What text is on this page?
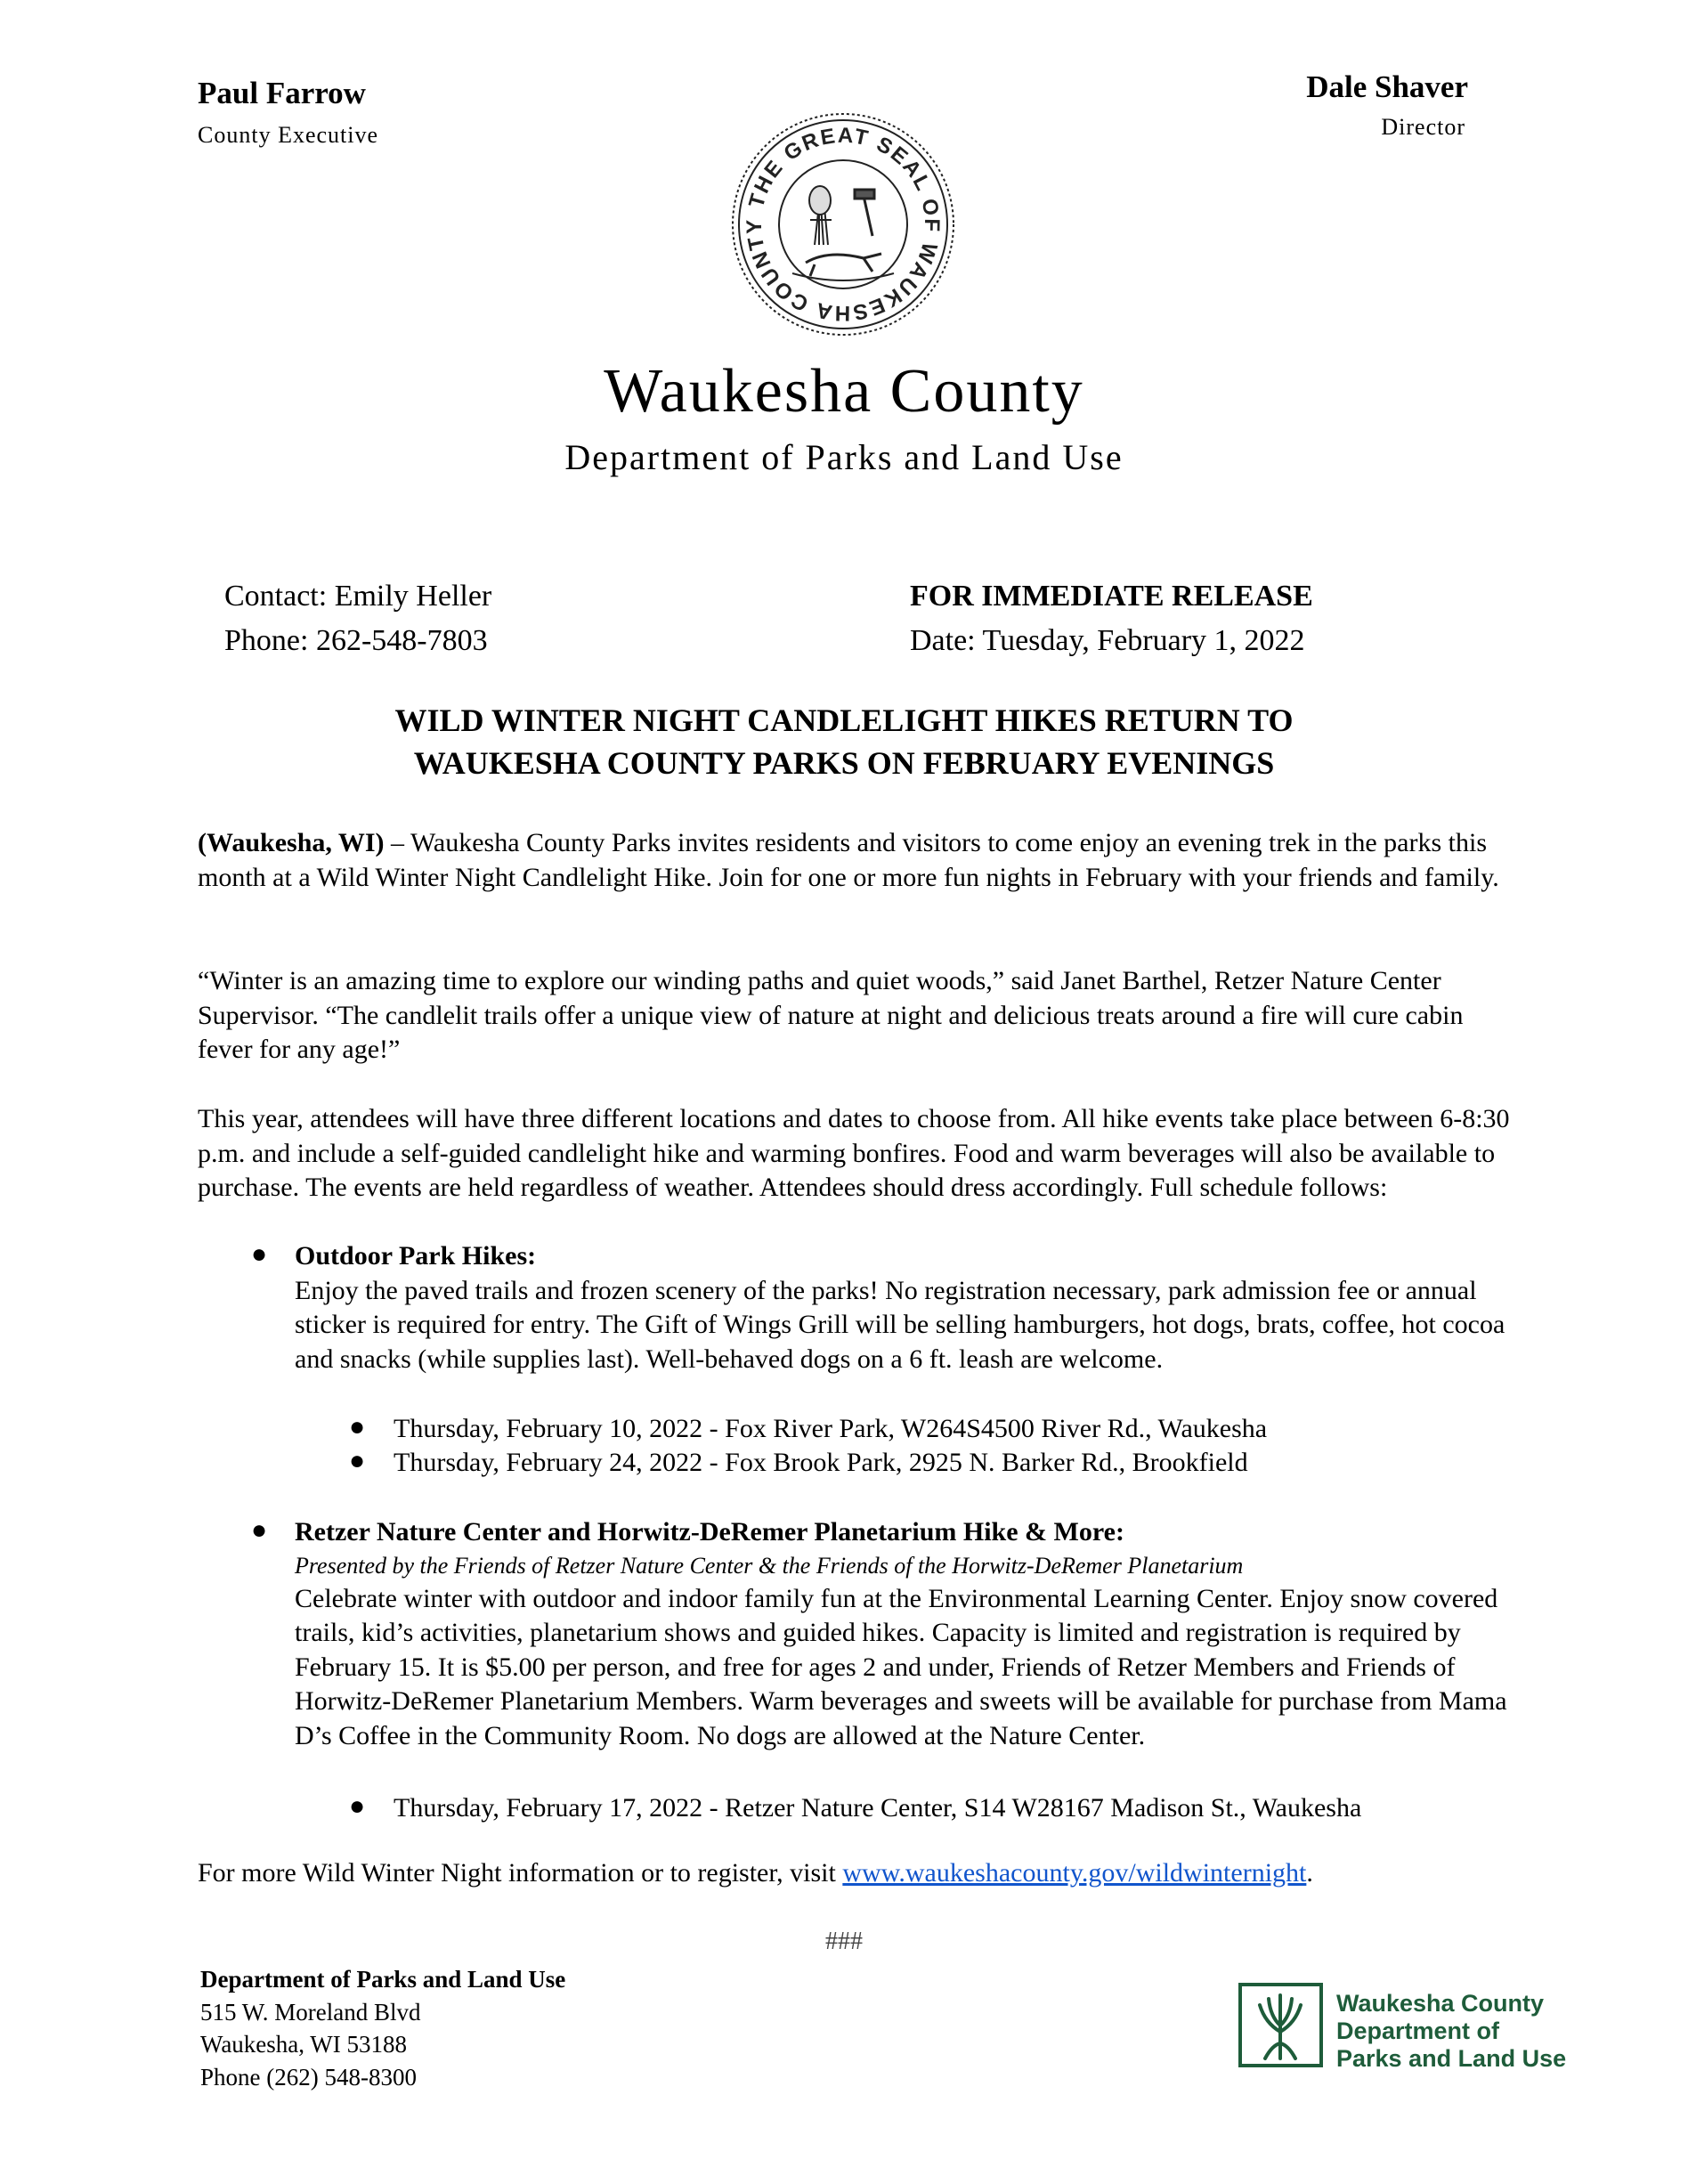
Paul Farrow
County Executive
Dale Shaver
Director
THE GREAT SEAL OF WAUKESHA COUNTY
Waukesha County
Department of Parks and Land Use
Contact: Emily Heller
Phone: 262-548-7803
FOR IMMEDIATE RELEASE
Date: Tuesday, February 1, 2022
WILD WINTER NIGHT CANDLELIGHT HIKES RETURN TO
WAUKESHA COUNTY PARKS ON FEBRUARY EVENINGS

(Waukesha, WI) – Waukesha County Parks invites residents and visitors to come enjoy an evening trek in the parks this month at a Wild Winter Night Candlelight Hike. Join for one or more fun nights in February with your friends and family.

“Winter is an amazing time to explore our winding paths and quiet woods,” said Janet Barthel, Retzer Nature Center Supervisor. “The candlelit trails offer a unique view of nature at night and delicious treats around a fire will cure cabin fever for any age!”

This year, attendees will have three different locations and dates to choose from. All hike events take place between 6-8:30 p.m. and include a self-guided candlelight hike and warming bonfires. Food and warm beverages will also be available to purchase. The events are held regardless of weather. Attendees should dress accordingly. Full schedule follows:

● Outdoor Park Hikes:
Enjoy the paved trails and frozen scenery of the parks! No registration necessary, park admission fee or annual sticker is required for entry. The Gift of Wings Grill will be selling hamburgers, hot dogs, brats, coffee, hot cocoa and snacks (while supplies last). Well-behaved dogs on a 6 ft. leash are welcome.
● Thursday, February 10, 2022 - Fox River Park, W264S4500 River Rd., Waukesha
● Thursday, February 24, 2022 - Fox Brook Park, 2925 N. Barker Rd., Brookfield
● Retzer Nature Center and Horwitz-DeRemer Planetarium Hike & More:
Presented by the Friends of Retzer Nature Center & the Friends of the Horwitz-DeRemer Planetarium
Celebrate winter with outdoor and indoor family fun at the Environmental Learning Center. Enjoy snow covered trails, kid’s activities, planetarium shows and guided hikes. Capacity is limited and registration is required by February 15. It is $5.00 per person, and free for ages 2 and under, Friends of Retzer Members and Friends of Horwitz-DeRemer Planetarium Members. Warm beverages and sweets will be available for purchase from Mama D’s Coffee in the Community Room. No dogs are allowed at the Nature Center.
● Thursday, February 17, 2022 - Retzer Nature Center, S14 W28167 Madison St., Waukesha
For more Wild Winter Night information or to register, visit www.waukeshacounty.gov/wildwinternight.
###
Department of Parks and Land Use
515 W. Moreland Blvd
Waukesha, WI 53188
Phone (262) 548-8300
Waukesha County
Department of
Parks and Land Use
